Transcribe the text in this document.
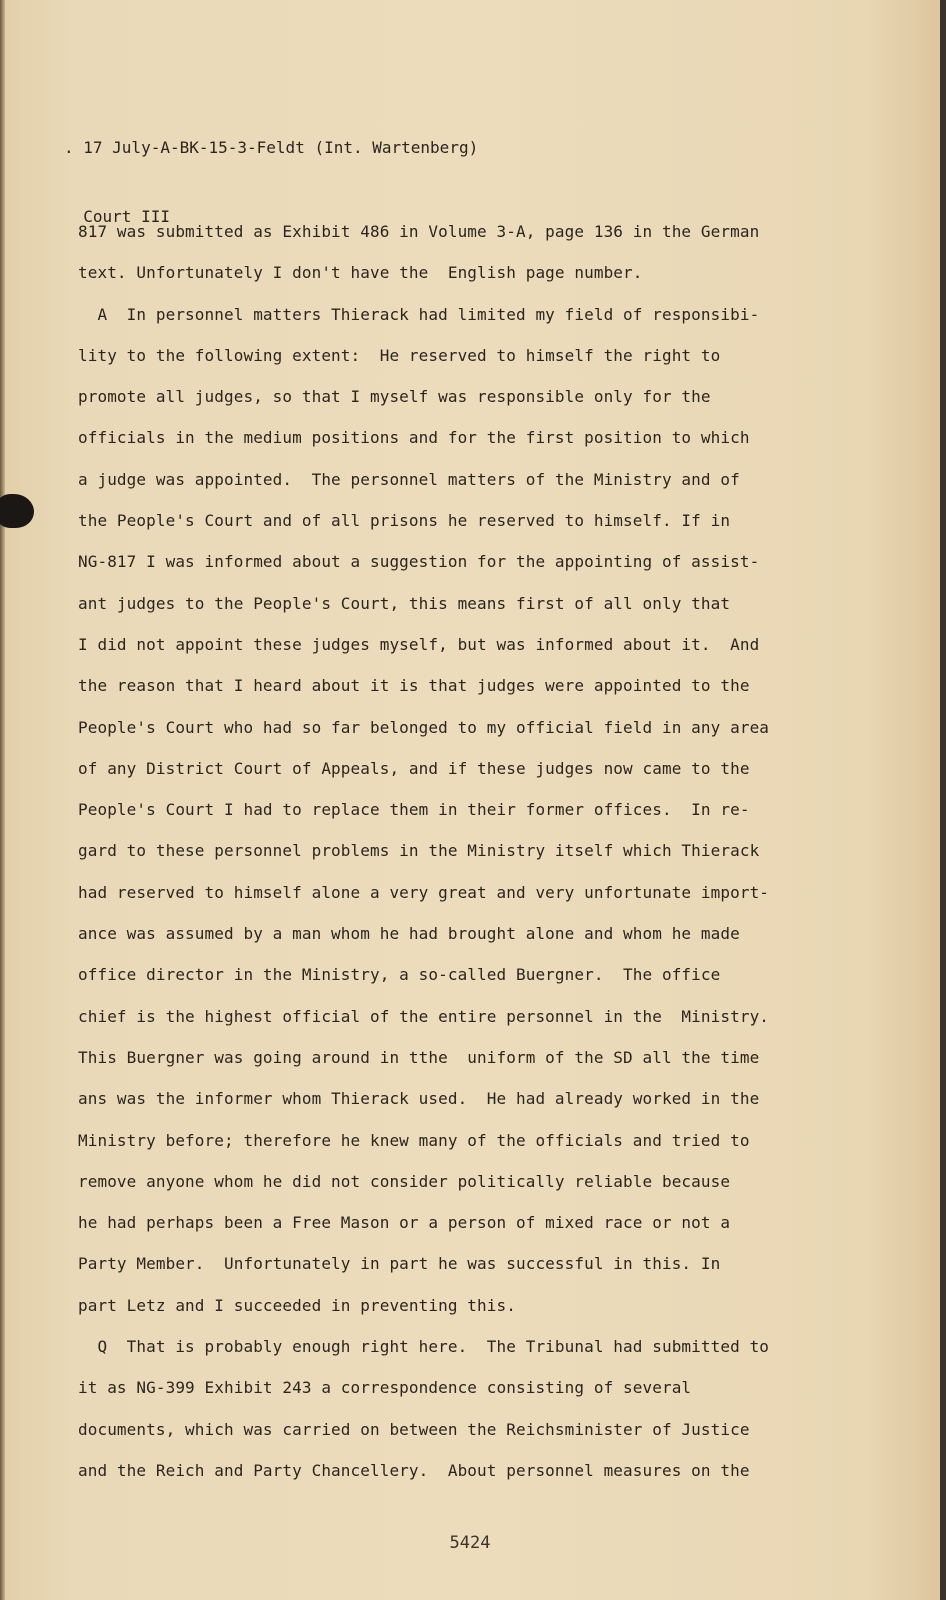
. 17 July-A-BK-15-3-Feldt (Int. Wartenberg)

Court III

817 was submitted as Exhibit 486 in Volume 3-A, page 136 in the German
text. Unfortunately I don't have the  English page number.
A  In personnel matters Thierack had limited my field of responsibi-
lity to the following extent:  He reserved to himself the right to
promote all judges, so that I myself was responsible only for the
officials in the medium positions and for the first position to which
a judge was appointed.  The personnel matters of the Ministry and of
the People's Court and of all prisons he reserved to himself. If in
NG-817 I was informed about a suggestion for the appointing of assist-
ant judges to the People's Court, this means first of all only that
I did not appoint these judges myself, but was informed about it.  And
the reason that I heard about it is that judges were appointed to the
People's Court who had so far belonged to my official field in any area
of any District Court of Appeals, and if these judges now came to the
People's Court I had to replace them in their former offices.  In re-
gard to these personnel problems in the Ministry itself which Thierack
had reserved to himself alone a very great and very unfortunate import-
ance was assumed by a man whom he had brought alone and whom he made
office director in the Ministry, a so-called Buergner.  The office
chief is the highest official of the entire personnel in the  Ministry.
This Buergner was going around in tthe  uniform of the SD all the time
ans was the informer whom Thierack used.  He had already worked in the
Ministry before; therefore he knew many of the officials and tried to
remove anyone whom he did not consider politically reliable because
he had perhaps been a Free Mason or a person of mixed race or not a
Party Member.  Unfortunately in part he was successful in this. In
part Letz and I succeeded in preventing this.
Q  That is probably enough right here.  The Tribunal had submitted to
it as NG-399 Exhibit 243 a correspondence consisting of several
documents, which was carried on between the Reichsminister of Justice
and the Reich and Party Chancellery.  About personnel measures on the
5424
